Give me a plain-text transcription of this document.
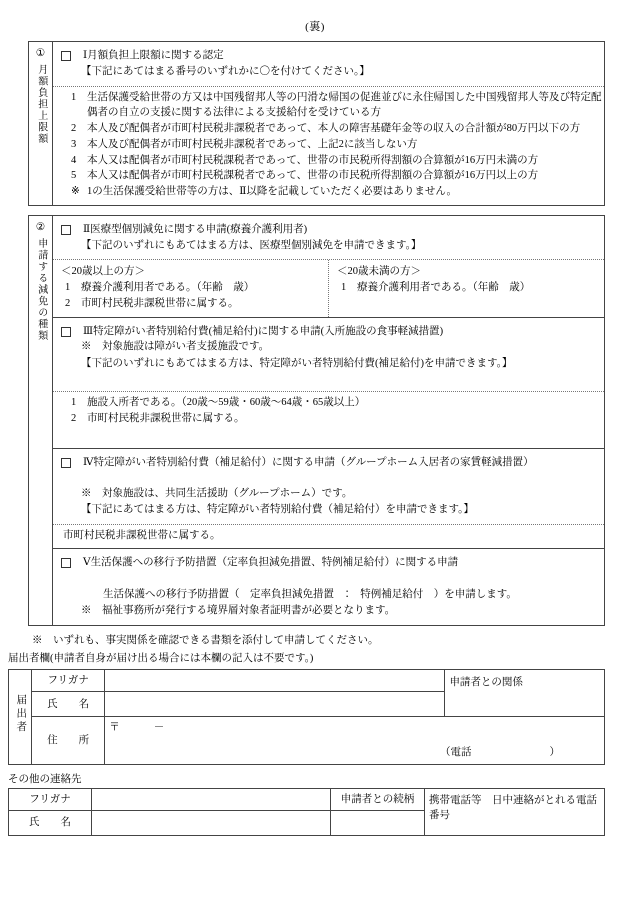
(裏)
①
月額負担上限額
Ⅰ月額負担上限額に関する認定
【下記にあてはまる番号のいずれかに〇を付けてください。】
1	生活保護受給世帯の方又は中国残留邦人等の円滑な帰国の促進並びに永住帰国した中国残留邦人等及び特定配偶者の自立の支援に関する法律による支援給付を受けている方
2	本人及び配偶者が市町村民税非課税者であって、本人の障害基礎年金等の収入の合計額が80万円以下の方
3	本人及び配偶者が市町村民税非課税者であって、上記2に該当しない方
4	本人又は配偶者が市町村民税課税者であって、世帯の市民税所得割額の合算額が16万円未満の方
5	本人又は配偶者が市町村民税課税者であって、世帯の市民税所得割額の合算額が16万円以上の方
※ 1の生活保護受給世帯等の方は、Ⅱ以降を記載していただく必要はありません。
②
申請する減免の種類
Ⅱ医療型個別減免に関する申請(療養介護利用者)
【下記のいずれにもあてはまる方は、医療型個別減免を申請できます。】
＜20歳以上の方＞
1	療養介護利用者である。（年齢　歳）
2	市町村民税非課税世帯に属する。
＜20歳未満の方＞
1	療養介護利用者である。（年齢　歳）
Ⅲ特定障がい者特別給付費(補足給付)に関する申請(入所施設の食事軽減措置)
※　対象施設は障がい者支援施設です。
【下記のいずれにもあてはまる方は、特定障がい者特別給付費(補足給付)を申請できます。】

1	施設入所者である。（20歳～59歳・60歳～64歳・65歳以上）
2	市町村民税非課税世帯に属する。

Ⅳ特定障がい者特別給付費（補足給付）に関する申請（グループホーム入居者の家賃軽減措置）

※　対象施設は、共同生活援助（グループホーム）です。
【下記にあてはまる方は、特定障がい者特別給付費（補足給付）を申請できます。】
市町村民税非課税世帯に属する。
Ⅴ生活保護への移行予防措置（定率負担減免措置、特例補足給付）に関する申請

生活保護への移行予防措置（　定率負担減免措置　：　特例補足給付　）を申請します。
※　福祉事務所が発行する境界層対象者証明書が必要となります。
※　いずれも、事実関係を確認できる書類を添付して申請してください。
届出者欄(申請者自身が届け出る場合には本欄の記入は不要です。)
届出者	フリガナ		申請者との関係
	氏　　名		

	住　　所	〒 －
（電話 ）	
その他の連絡先
フリガナ		申請者との続柄	携帯電話等　日中連絡がとれる電話番号
氏　　名		
